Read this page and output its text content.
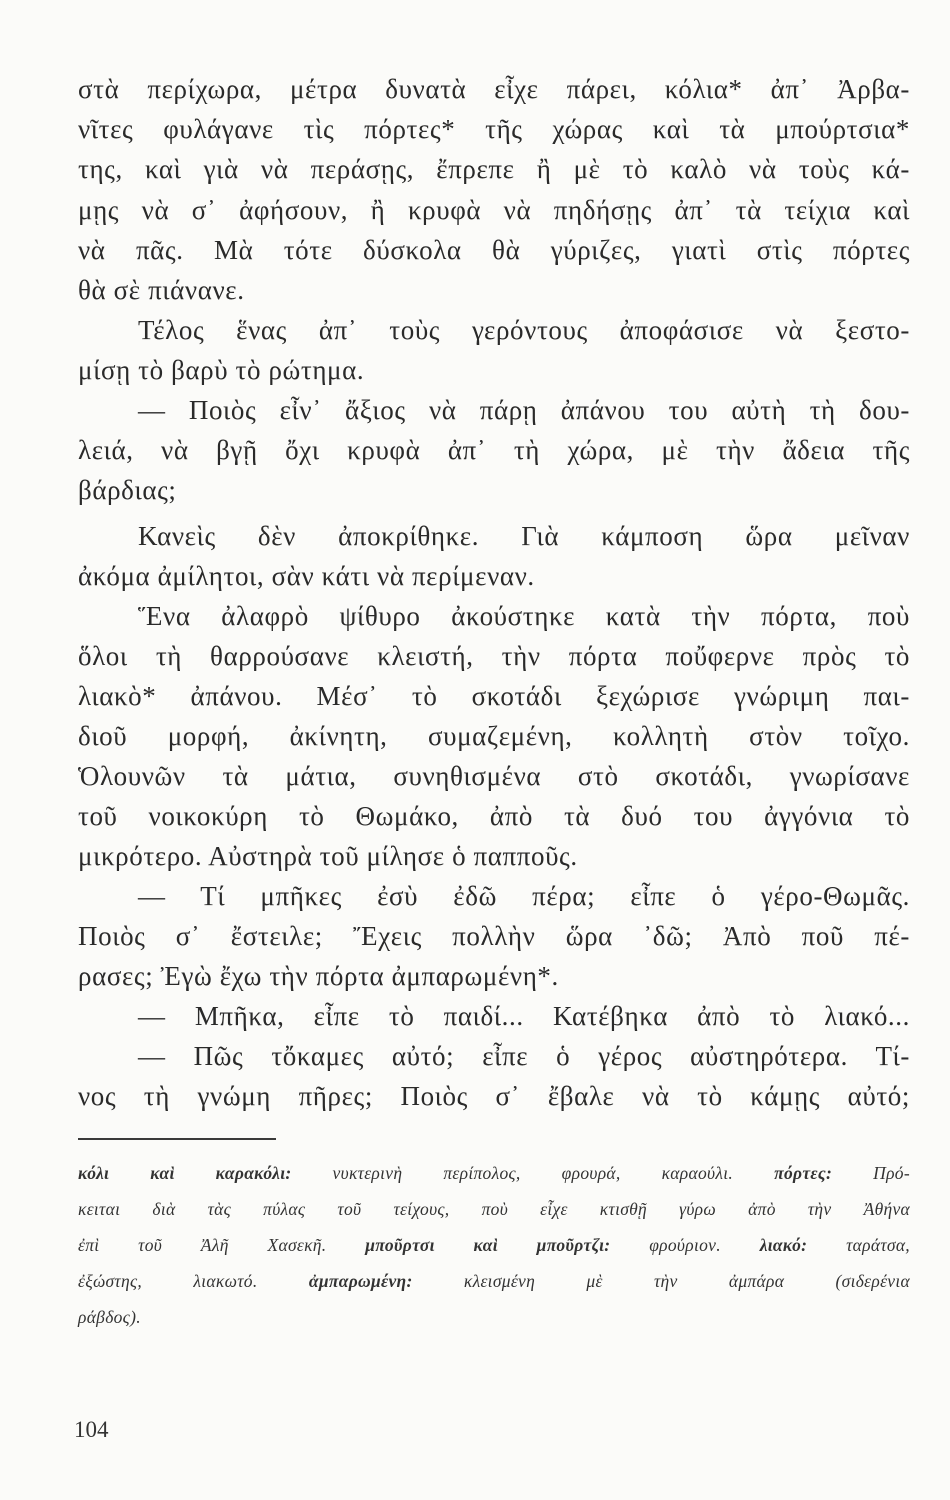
στὰ περίχωρα, μέτρα δυνατὰ εἶχε πάρει, κόλια* ἀπ᾽ Ἀρβα-
νῖτες φυλάγανε τὶς πόρτες* τῆς χώρας καὶ τὰ μπούρτσια*
της, καὶ γιὰ νὰ περάσῃς, ἔπρεπε ἢ μὲ τὸ καλὸ νὰ τοὺς κά-
μῃς νὰ σ᾽ ἀφήσουν, ἢ κρυφὰ νὰ πηδήσῃς ἀπ᾽ τὰ τείχια καὶ
νὰ πᾶς. Μὰ τότε δύσκολα θὰ γύριζες, γιατὶ στὶς πόρτες
θὰ σὲ πιάνανε.
Τέλος ἕνας ἀπ᾽ τοὺς γερόντους ἀποφάσισε νὰ ξεστο-
μίσῃ τὸ βαρὺ τὸ ρώτημα.
— Ποιὸς εἶν᾽ ἄξιος νὰ πάρῃ ἀπάνου του αὐτὴ τὴ δου-
λειά, νὰ βγῇ ὄχι κρυφὰ ἀπ᾽ τὴ χώρα, μὲ τὴν ἄδεια τῆς
βάρδιας;
Κανεὶς δὲν ἀποκρίθηκε. Γιὰ κάμποση ὥρα μεῖναν
ἀκόμα ἀμίλητοι, σὰν κάτι νὰ περίμεναν.
Ἕνα ἀλαφρὸ ψίθυρο ἀκούστηκε κατὰ τὴν πόρτα, ποὺ
ὅλοι τὴ θαρρούσανε κλειστή, τὴν πόρτα ποὔφερνε πρὸς τὸ
λιακὸ* ἀπάνου. Μέσ᾽ τὸ σκοτάδι ξεχώρισε γνώριμη παι-
διοῦ μορφή, ἀκίνητη, συμαζεμένη, κολλητὴ στὸν τοῖχο.
Ὁλουνῶν τὰ μάτια, συνηθισμένα στὸ σκοτάδι, γνωρίσανε
τοῦ νοικοκύρη τὸ Θωμάκο, ἀπὸ τὰ δυό του ἀγγόνια τὸ
μικρότερο. Αὐστηρὰ τοῦ μίλησε ὁ παπποῦς.
— Τί μπῆκες ἐσὺ ἐδῶ πέρα; εἶπε ὁ γέρο-Θωμᾶς.
Ποιὸς σ᾽ ἔστειλε; Ἔχεις πολλὴν ὥρα ᾽δῶ; Ἀπὸ ποῦ πέ-
ρασες; Ἐγὼ ἔχω τὴν πόρτα ἀμπαρωμένη*.
— Μπῆκα, εἶπε τὸ παιδί... Κατέβηκα ἀπὸ τὸ λιακό...
— Πῶς τὄκαμες αὐτό; εἶπε ὁ γέρος αὐστηρότερα. Τί-
νος τὴ γνώμη πῆρες; Ποιὸς σ᾽ ἔβαλε νὰ τὸ κάμῃς αὐτό;
κόλι καὶ καρακόλι: νυκτερινὴ περίπολος, φρουρά, καραούλι. πόρτες: Πρό-
κειται διὰ τὰς πύλας τοῦ τείχους, ποὺ εἶχε κτισθῇ γύρω ἀπὸ τὴν Ἀθήνα
ἐπὶ τοῦ Ἀλῆ Χασεκῆ. μποῦρτσι καὶ μποῦρτζι: φρούριον. λιακό: ταράτσα,
ἐξώστης, λιακωτό.	ἀμπαρωμένη:	κλεισμένη μὲ τὴν ἀμπάρα (σιδερένια
ράβδος).
104
